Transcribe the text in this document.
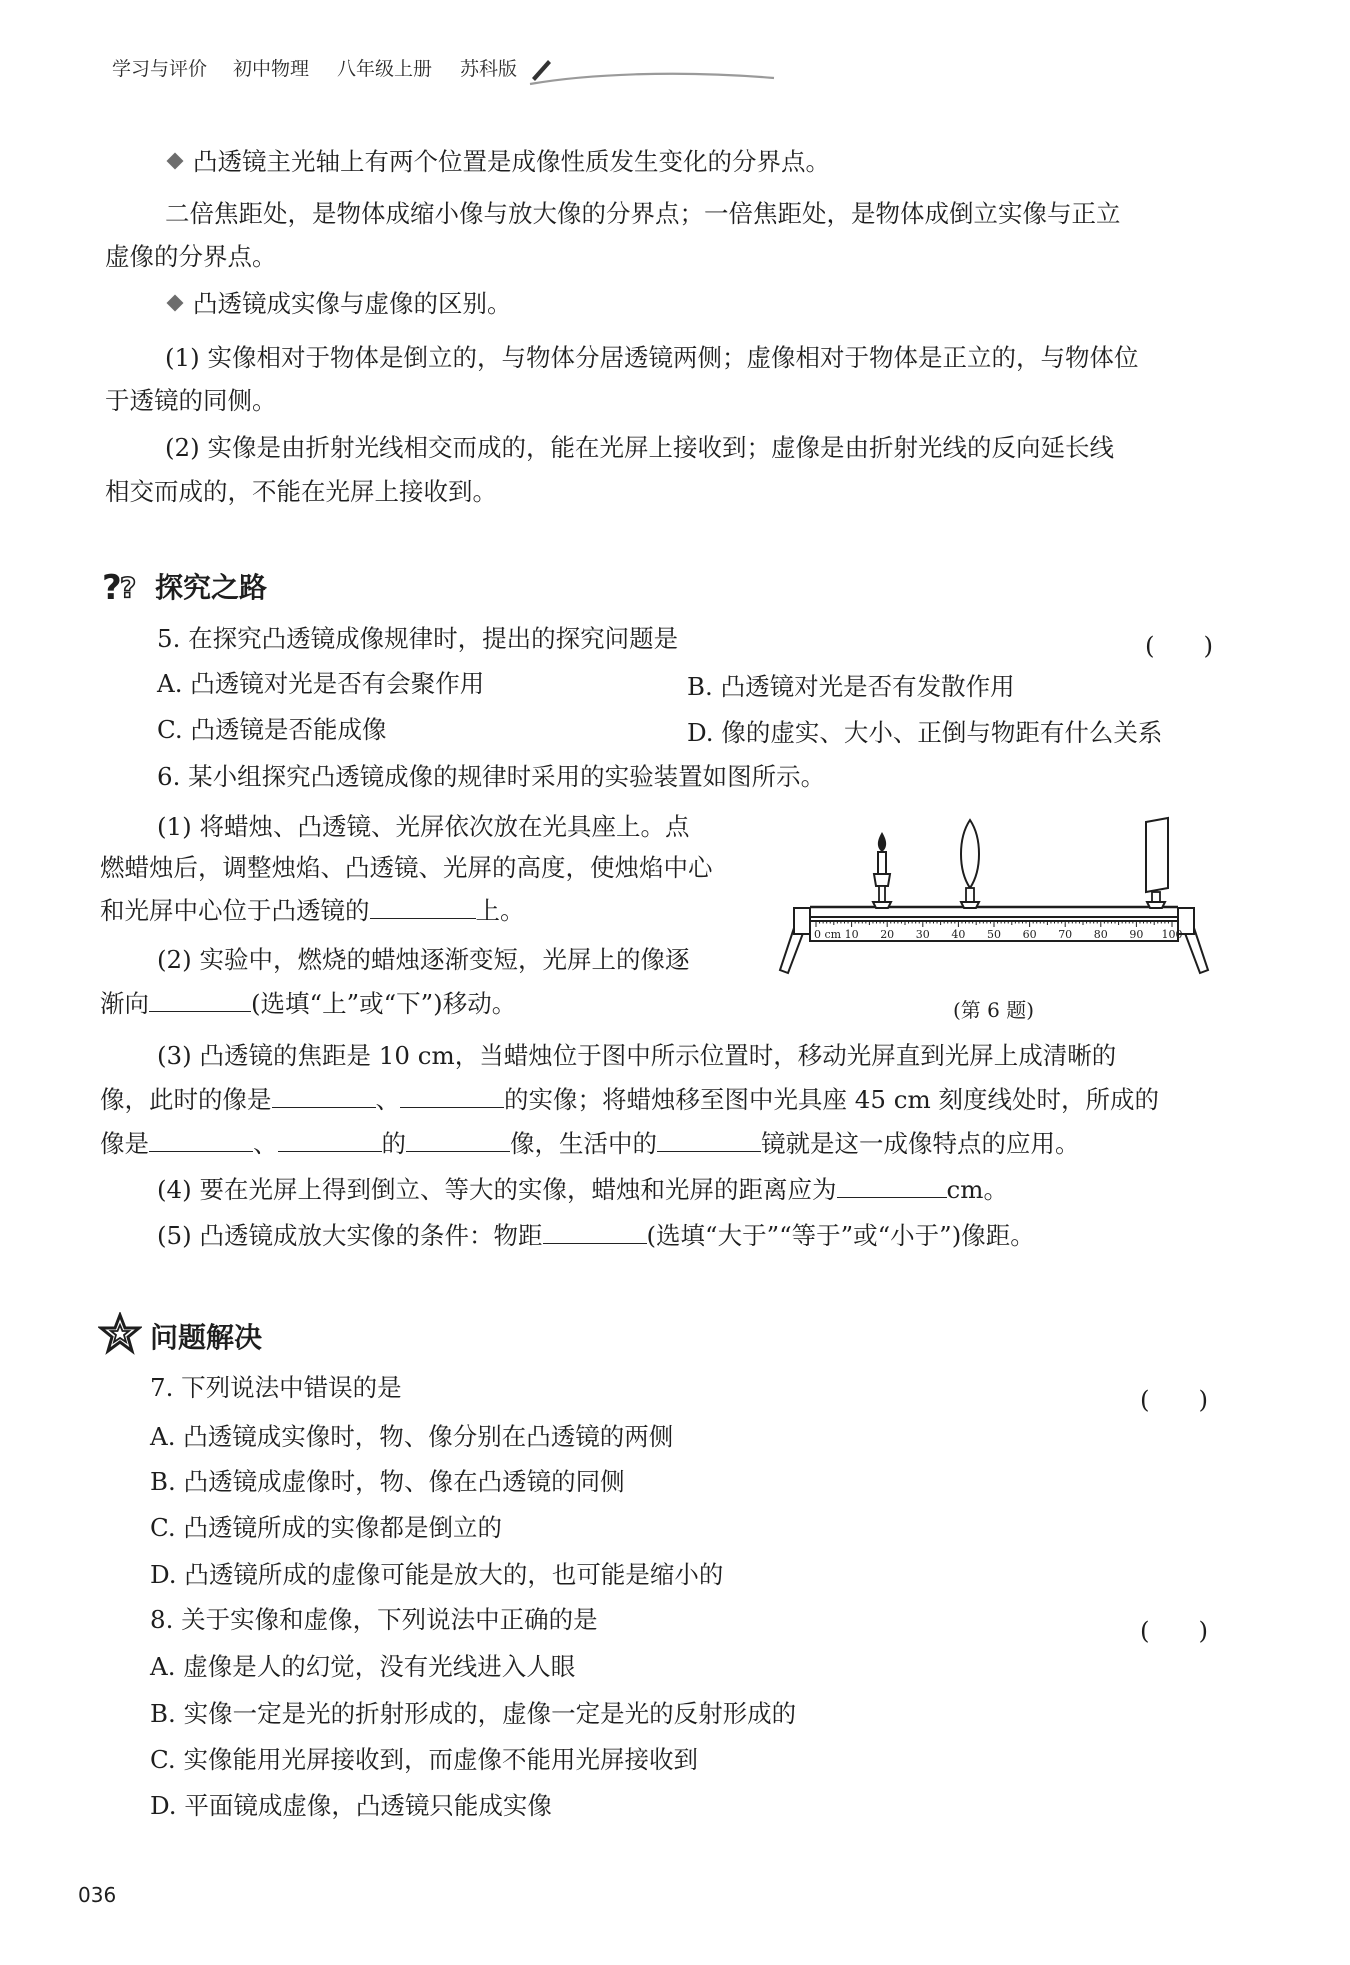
学习与评价 初中物理 八年级上册 苏科版
凸透镜主光轴上有两个位置是成像性质发生变化的分界点。
二倍焦距处，是物体成缩小像与放大像的分界点；一倍焦距处，是物体成倒立实像与正立
虚像的分界点。
凸透镜成实像与虚像的区别。
(1) 实像相对于物体是倒立的，与物体分居透镜两侧；虚像相对于物体是正立的，与物体位
于透镜的同侧。
(2) 实像是由折射光线相交而成的，能在光屏上接收到；虚像是由折射光线的反向延长线
相交而成的，不能在光屏上接收到。
?
? 探究之路
5. 在探究凸透镜成像规律时，提出的探究问题是	(　　)
A. 凸透镜对光是否有会聚作用	B. 凸透镜对光是否有发散作用
C. 凸透镜是否能成像	D. 像的虚实、大小、正倒与物距有什么关系
6. 某小组探究凸透镜成像的规律时采用的实验装置如图所示。
(1) 将蜡烛、凸透镜、光屏依次放在光具座上。点
燃蜡烛后，调整烛焰、凸透镜、光屏的高度，使烛焰中心
和光屏中心位于凸透镜的	上。
(2) 实验中，燃烧的蜡烛逐渐变短，光屏上的像逐
渐向	(选填“上”或“下”)移动。
0 cm 10 20 30 40 50 60 70 80 90 100
(第 6 题)
(3) 凸透镜的焦距是 10 cm，当蜡烛位于图中所示位置时，移动光屏直到光屏上成清晰的
像，此时的像是	、	的实像；将蜡烛移至图中光具座 45 cm 刻度线处时，所成的
像是	、	的	像，生活中的	镜就是这一成像特点的应用。
(4) 要在光屏上得到倒立、等大的实像，蜡烛和光屏的距离应为	cm。
(5) 凸透镜成放大实像的条件：物距	(选填“大于”“等于”或“小于”)像距。
问题解决
7. 下列说法中错误的是	(　　)
A. 凸透镜成实像时，物、像分别在凸透镜的两侧
B. 凸透镜成虚像时，物、像在凸透镜的同侧
C. 凸透镜所成的实像都是倒立的
D. 凸透镜所成的虚像可能是放大的，也可能是缩小的
8. 关于实像和虚像，下列说法中正确的是	(　　)
A. 虚像是人的幻觉，没有光线进入人眼
B. 实像一定是光的折射形成的，虚像一定是光的反射形成的
C. 实像能用光屏接收到，而虚像不能用光屏接收到
D. 平面镜成虚像，凸透镜只能成实像
036
